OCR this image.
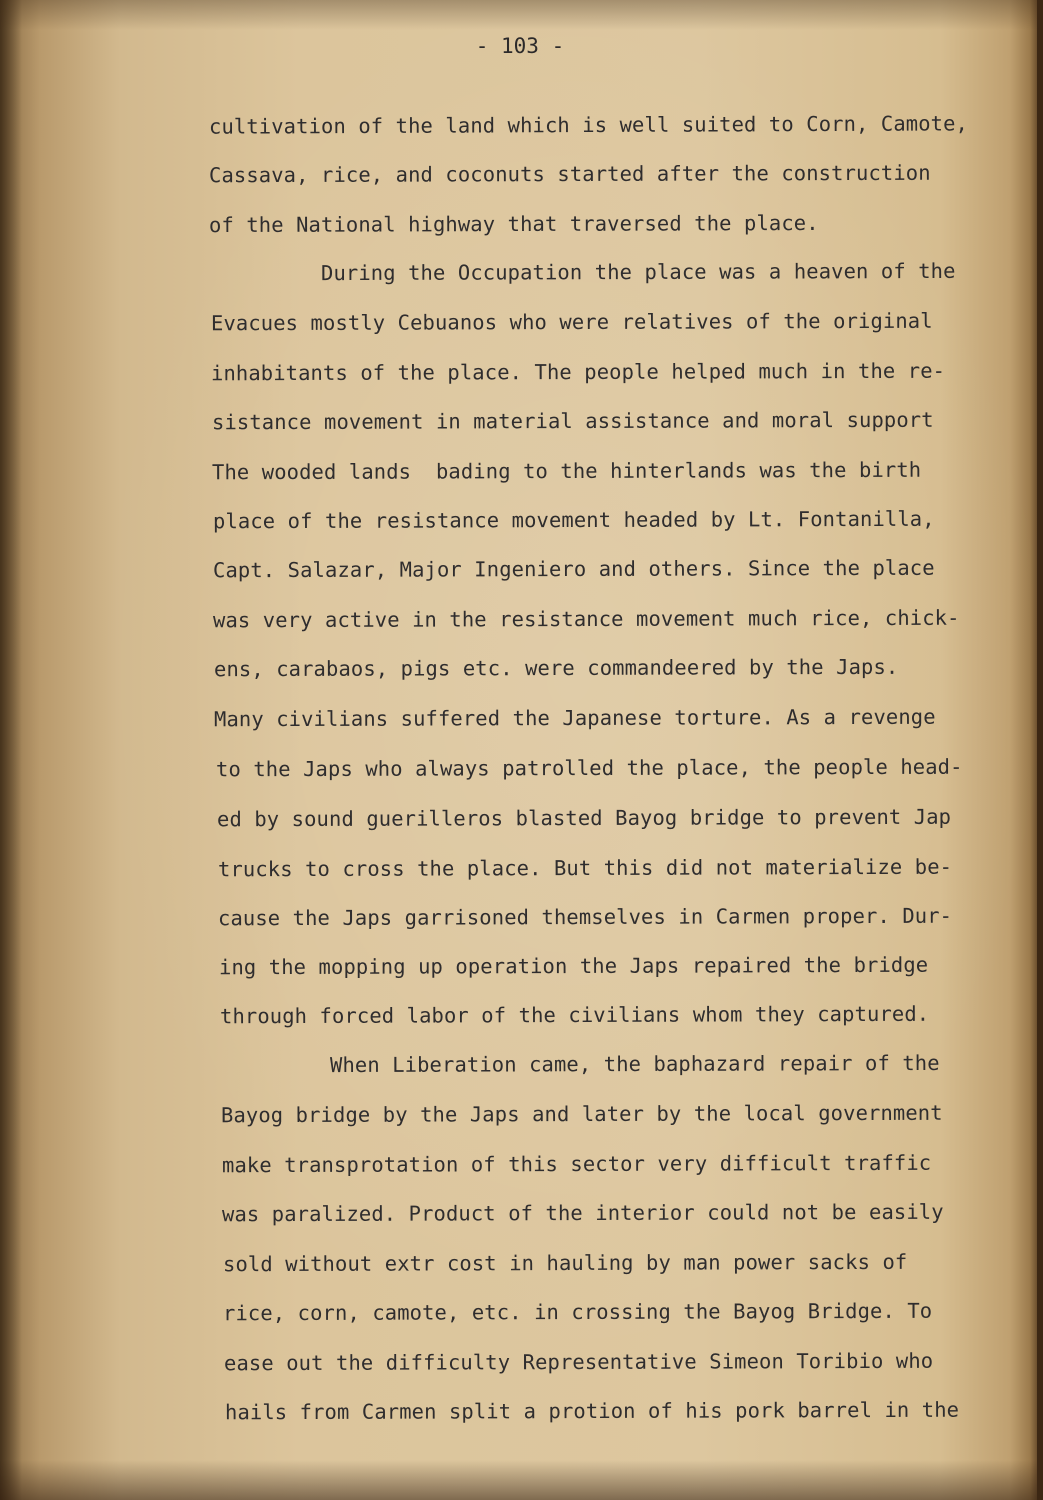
- 103 -
cultivation of the land which is well suited to Corn, Camote,
Cassava, rice, and coconuts started after the construction
of the National highway that traversed the place.
During the Occupation the place was a heaven of the
Evacues mostly Cebuanos who were relatives of the original
inhabitants of the place. The people helped much in the re-
sistance movement in material assistance and moral support
The wooded lands  bading to the hinterlands was the birth
place of the resistance movement headed by Lt. Fontanilla,
Capt. Salazar, Major Ingeniero and others. Since the place
was very active in the resistance movement much rice, chick-
ens, carabaos, pigs etc. were commandeered by the Japs.
Many civilians suffered the Japanese torture. As a revenge
to the Japs who always patrolled the place, the people head-
ed by sound guerilleros blasted Bayog bridge to prevent Jap
trucks to cross the place. But this did not materialize be-
cause the Japs garrisoned themselves in Carmen proper. Dur-
ing the mopping up operation the Japs repaired the bridge
through forced labor of the civilians whom they captured.
When Liberation came, the baphazard repair of the
Bayog bridge by the Japs and later by the local government
make transprotation of this sector very difficult traffic
was paralized. Product of the interior could not be easily
sold without extr cost in hauling by man power sacks of
rice, corn, camote, etc. in crossing the Bayog Bridge. To
ease out the difficulty Representative Simeon Toribio who
hails from Carmen split a protion of his pork barrel in the
